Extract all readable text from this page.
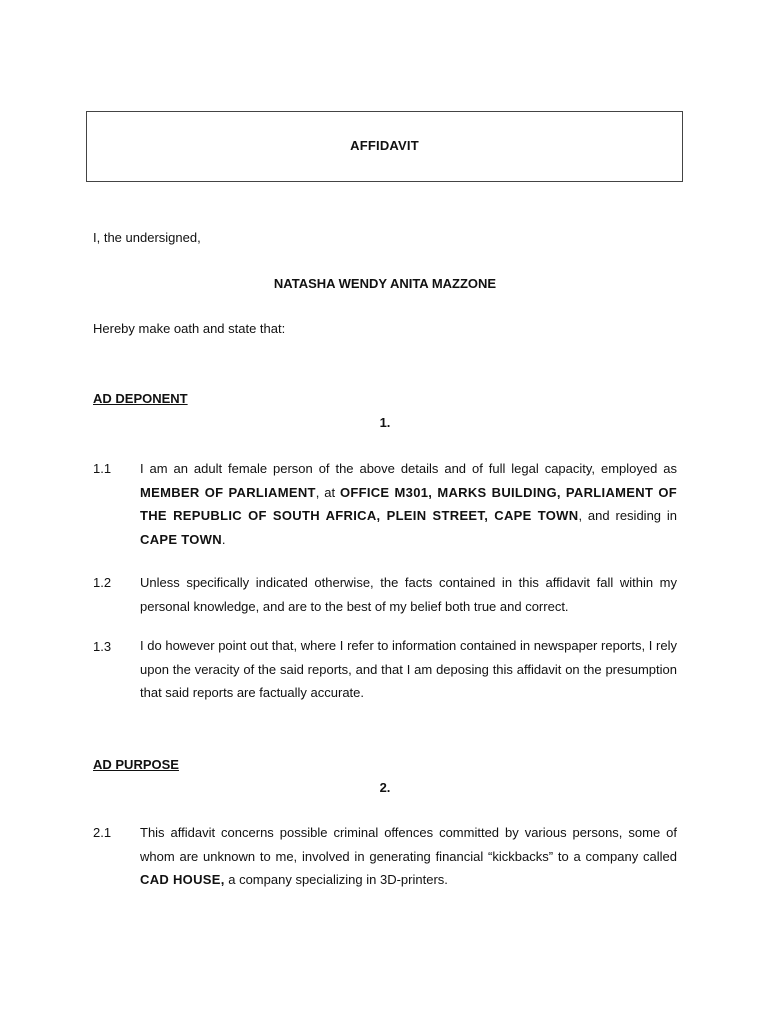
AFFIDAVIT
I, the undersigned,
NATASHA WENDY ANITA MAZZONE
Hereby make oath and state that:
AD DEPONENT
1.
1.1 I am an adult female person of the above details and of full legal capacity, employed as MEMBER OF PARLIAMENT, at OFFICE M301, MARKS BUILDING, PARLIAMENT OF THE REPUBLIC OF SOUTH AFRICA, PLEIN STREET, CAPE TOWN, and residing in CAPE TOWN.
1.2 Unless specifically indicated otherwise, the facts contained in this affidavit fall within my personal knowledge, and are to the best of my belief both true and correct.
1.3 I do however point out that, where I refer to information contained in newspaper reports, I rely upon the veracity of the said reports, and that I am deposing this affidavit on the presumption that said reports are factually accurate.
AD PURPOSE
2.
2.1 This affidavit concerns possible criminal offences committed by various persons, some of whom are unknown to me, involved in generating financial “kickbacks” to a company called CAD HOUSE, a company specializing in 3D-printers.
